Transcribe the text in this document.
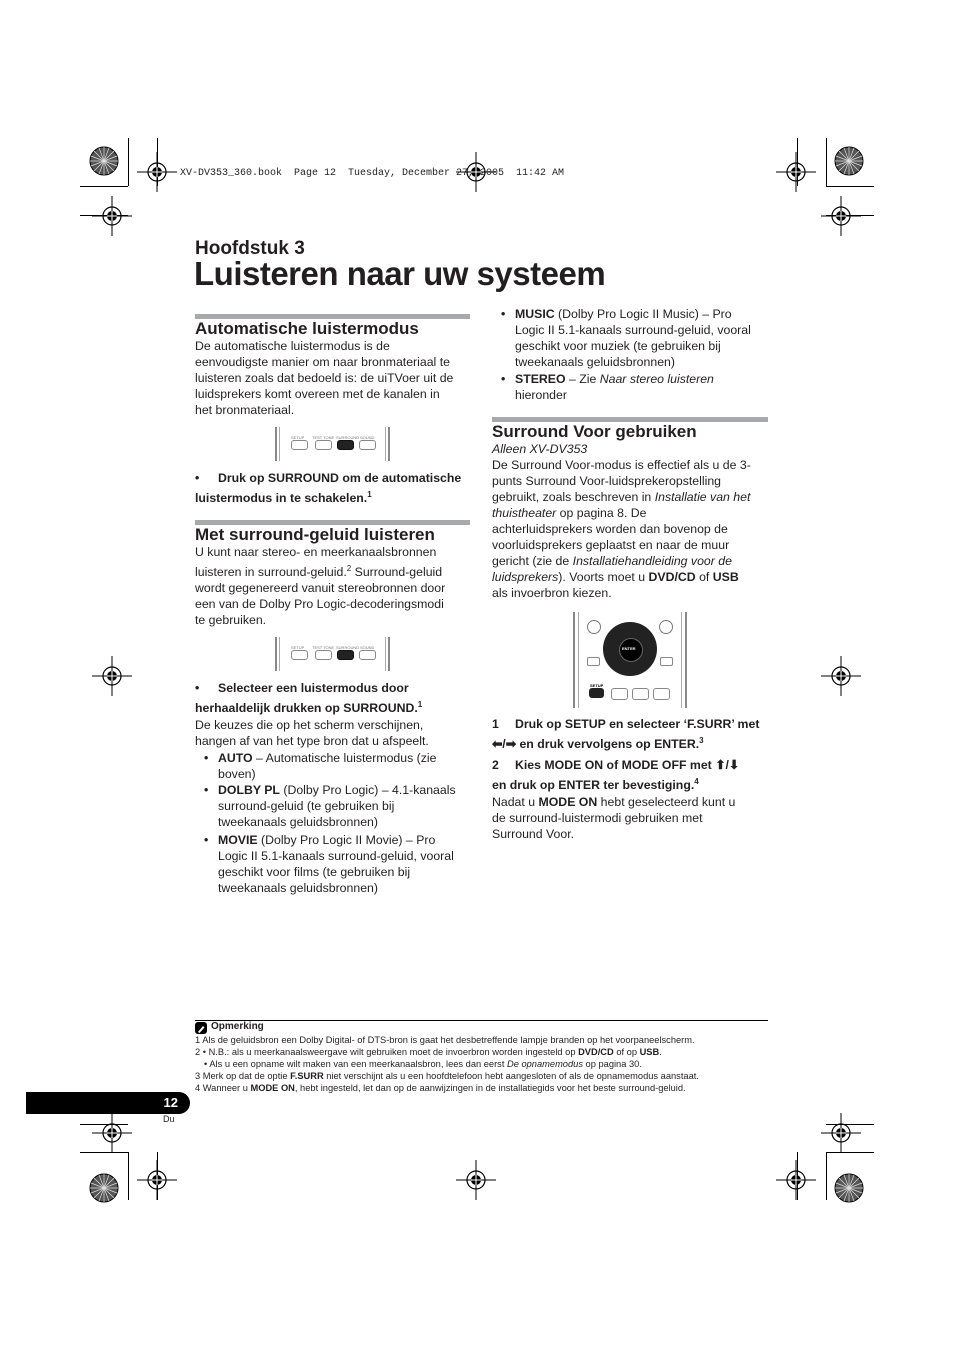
XV-DV353_360.book  Page 12  Tuesday, December 27, 2005  11:42 AM
Hoofdstuk 3
Luisteren naar uw systeem
Automatische luistermodus
De automatische luistermodus is de
eenvoudigste manier om naar bronmateriaal te
luisteren zoals dat bedoeld is: de uiTVoer uit de
luidsprekers komt overeen met de kanalen in
het bronmateriaal.
SETUP TEST TONE SURROUND SOUND
• Druk op SURROUND om de automatische
luistermodus in te schakelen.$^1$
Met surround-geluid luisteren
U kunt naar stereo- en meerkanaalsbronnen
luisteren in surround-geluid.$^2$ Surround-geluid
wordt gegenereerd vanuit stereobronnen door
een van de Dolby Pro Logic-decoderingsmodi
te gebruiken.
SETUP TEST TONE SURROUND SOUND
• Selecteer een luistermodus door
herhaaldelijk drukken op SURROUND.$^1$
De keuzes die op het scherm verschijnen,
hangen af van het type bron dat u afspeelt.
• AUTO – Automatische luistermodus (zie
boven)
• DOLBY PL (Dolby Pro Logic) – 4.1-kanaals
surround-geluid (te gebruiken bij
tweekanaals geluidsbronnen)
• MOVIE (Dolby Pro Logic II Movie) – Pro
Logic II 5.1-kanaals surround-geluid, vooral
geschikt voor films (te gebruiken bij
tweekanaals geluidsbronnen)
• MUSIC (Dolby Pro Logic II Music) – Pro
Logic II 5.1-kanaals surround-geluid, vooral
geschikt voor muziek (te gebruiken bij
tweekanaals geluidsbronnen)
• STEREO – Zie Naar stereo luisteren
hieronder
Surround Voor gebruiken
Alleen XV-DV353
De Surround Voor-modus is effectief als u de 3-
punts Surround Voor-luidsprekeropstelling
gebruikt, zoals beschreven in Installatie van het
thuistheater op pagina 8. De
achterluidsprekers worden dan bovenop de
voorluidsprekers geplaatst en naar de muur
gericht (zie de Installatiehandleiding voor de
luidsprekers). Voorts moet u DVD/CD of USB
als invoerbron kiezen.
ENTER
SETUP
1 Druk op SETUP en selecteer ‘F.SURR’ met
⬅/➡ en druk vervolgens op ENTER.$^3$
2 Kies MODE ON of MODE OFF met ⬆/⬇
en druk op ENTER ter bevestiging.$^4$
Nadat u MODE ON hebt geselecteerd kunt u
de surround-luistermodi gebruiken met
Surround Voor.
Opmerking
1 Als de geluidsbron een Dolby Digital- of DTS-bron is gaat het desbetreffende lampje branden op het voorpaneelscherm.
2 • N.B.: als u meerkanaalsweergave wilt gebruiken moet de invoerbron worden ingesteld op DVD/CD of op USB.
• Als u een opname wilt maken van een meerkanaalsbron, lees dan eerst De opnamemodus op pagina 30.
3 Merk op dat de optie F.SURR niet verschijnt als u een hoofdtelefoon hebt aangesloten of als de opnamemodus aanstaat.
4 Wanneer u MODE ON, hebt ingesteld, let dan op de aanwijzingen in de installatiegids voor het beste surround-geluid.
12
Du
